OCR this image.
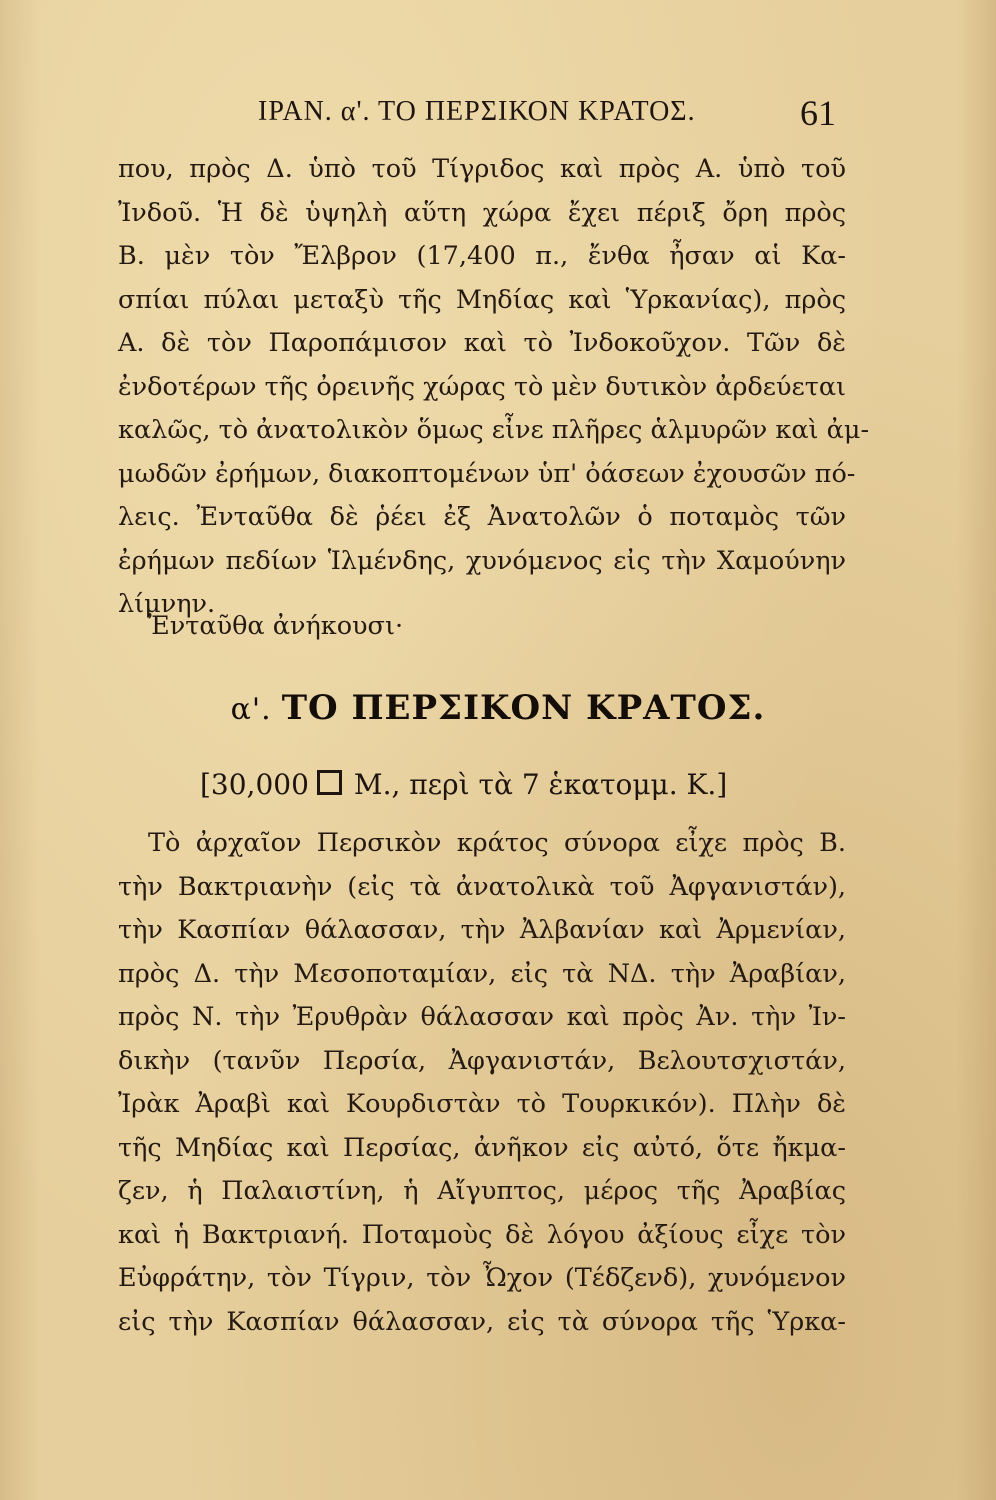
ΙΡΑΝ. α'. ΤΟ ΠΕΡΣΙΚΟΝ ΚΡΑΤΟΣ.	61
που, πρὸς Δ. ὑπὸ τοῦ Τίγριδος καὶ πρὸς Α. ὑπὸ τοῦ
Ἰνδοῦ. Ἡ δὲ ὑψηλὴ αὕτη χώρα ἔχει πέριξ ὄρη πρὸς
Β. μὲν τὸν Ἔλβρον (17,400 π., ἔνθα ἦσαν αἱ Κα-
σπίαι πύλαι μεταξὺ τῆς Μηδίας καὶ Ὑρκανίας), πρὸς
Α. δὲ τὸν Παροπάμισον καὶ τὸ Ἰνδοκοῦχον. Τῶν δὲ
ἐνδοτέρων τῆς ὀρεινῆς χώρας τὸ μὲν δυτικὸν ἀρδεύεται
καλῶς, τὸ ἀνατολικὸν ὅμως εἶνε πλῆρες ἁλμυρῶν καὶ ἀμ-
μωδῶν ἐρήμων, διακοπτομένων ὑπ' ὀάσεων ἐχουσῶν πό-
λεις. Ἐνταῦθα δὲ ῥέει ἐξ Ἀνατολῶν ὁ ποταμὸς τῶν
ἐρήμων πεδίων Ἱλμένδης, χυνόμενος εἰς τὴν Χαμούνην
λίμνην.
Ἐνταῦθα ἀνήκουσι·
α'. ΤΟ ΠΕΡΣΙΚΟΝ ΚΡΑΤΟΣ.
[30,000 Μ., περὶ τὰ 7 ἑκατομμ. Κ.]
Τὸ ἀρχαῖον Περσικὸν κράτος σύνορα εἶχε πρὸς Β.
τὴν Βακτριανὴν (εἰς τὰ ἀνατολικὰ τοῦ Ἀφγανιστάν),
τὴν Κασπίαν θάλασσαν, τὴν Ἀλβανίαν καὶ Ἀρμενίαν,
πρὸς Δ. τὴν Μεσοποταμίαν, εἰς τὰ ΝΔ. τὴν Ἀραβίαν,
πρὸς Ν. τὴν Ἐρυθρὰν θάλασσαν καὶ πρὸς Ἀν. τὴν Ἰν-
δικὴν (τανῦν Περσία, Ἀφγανιστάν, Βελουτσχιστάν,
Ἰρὰκ Ἀραβὶ καὶ Κουρδιστὰν τὸ Τουρκικόν). Πλὴν δὲ
τῆς Μηδίας καὶ Περσίας, ἀνῆκον εἰς αὐτό, ὅτε ἤκμα-
ζεν, ἡ Παλαιστίνη, ἡ Αἴγυπτος, μέρος τῆς Ἀραβίας
καὶ ἡ Βακτριανή. Ποταμοὺς δὲ λόγου ἀξίους εἶχε τὸν
Εὐφράτην, τὸν Τίγριν, τὸν Ὦχον (Τέδζενδ), χυνόμενον
εἰς τὴν Κασπίαν θάλασσαν, εἰς τὰ σύνορα τῆς Ὑρκα-
